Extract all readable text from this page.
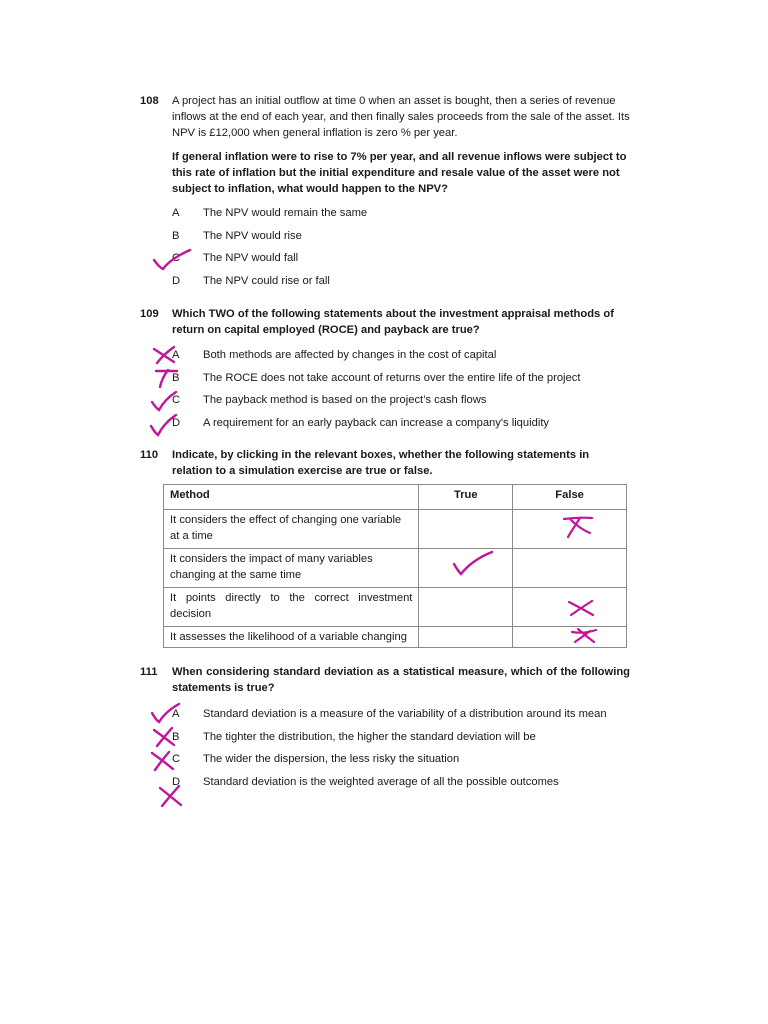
108 A project has an initial outflow at time 0 when an asset is bought, then a series of revenue inflows at the end of each year, and then finally sales proceeds from the sale of the asset. Its NPV is £12,000 when general inflation is zero % per year.
If general inflation were to rise to 7% per year, and all revenue inflows were subject to this rate of inflation but the initial expenditure and resale value of the asset were not subject to inflation, what would happen to the NPV?
A The NPV would remain the same
B The NPV would rise
C The NPV would fall
D The NPV could rise or fall
109 Which TWO of the following statements about the investment appraisal methods of return on capital employed (ROCE) and payback are true?
A Both methods are affected by changes in the cost of capital
B The ROCE does not take account of returns over the entire life of the project
C The payback method is based on the project’s cash flows
D A requirement for an early payback can increase a company's liquidity
110 Indicate, by clicking in the relevant boxes, whether the following statements in relation to a simulation exercise are true or false.
Method	True	False
It considers the effect of changing one variable at a time		
It considers the impact of many variables changing at the same time		
It points directly to the correct investment decision		
It assesses the likelihood of a variable changing		
111 When considering standard deviation as a statistical measure, which of the following statements is true?
A Standard deviation is a measure of the variability of a distribution around its mean
B The tighter the distribution, the higher the standard deviation will be
C The wider the dispersion, the less risky the situation
D Standard deviation is the weighted average of all the possible outcomes
